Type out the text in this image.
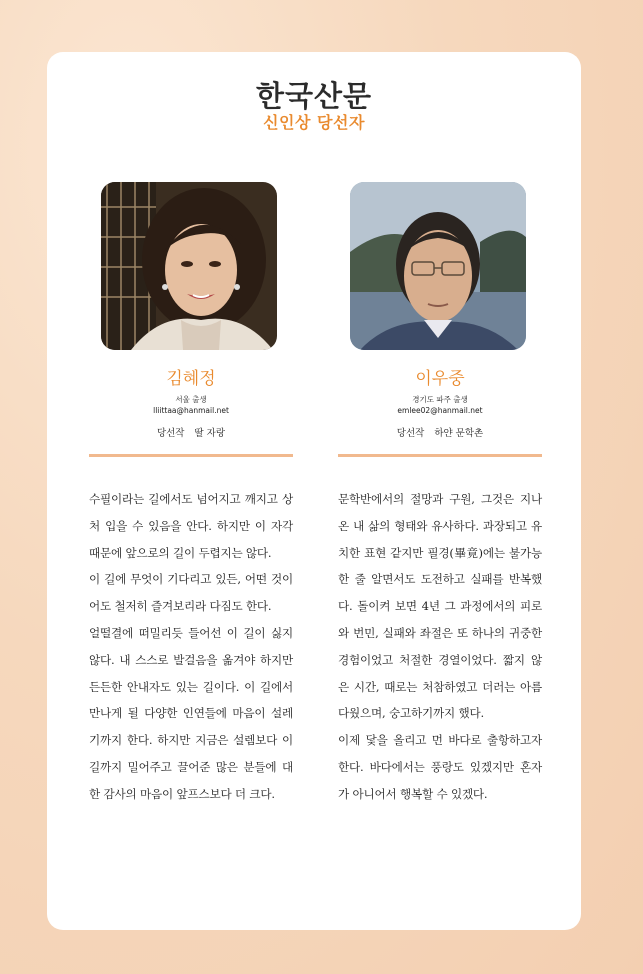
한국산문
신인상 당선자
김혜정
서울 출생
lliittaa@hanmail.net
당선작 딸 자랑

수필이라는 길에서도 넘어지고 깨지고 상처 입을 수 있음을 안다. 하지만 이 자각 때문에 앞으로의 길이 두렵지는 않다.

이 길에 무엇이 기다리고 있든, 어떤 것이어도 철저히 즐겨보리라 다짐도 한다.

얼떨결에 떠밀리듯 들어선 이 길이 싫지 않다. 내 스스로 발걸음을 옮겨야 하지만 든든한 안내자도 있는 길이다. 이 길에서 만나게 될 다양한 인연들에 마음이 설레기까지 한다. 하지만 지금은 설렘보다 이 길까지 밀어주고 끌어준 많은 분들에 대한 감사의 마음이 앞프스보다 더 크다.

이우중
경기도 파주 출생
emlee02@hanmail.net
당선작 하얀 문학촌

문학반에서의 절망과 구원, 그것은 지나온 내 삶의 형태와 유사하다. 과장되고 유치한 표현 같지만 필경(畢竟)에는 불가능한 줄 알면서도 도전하고 실패를 반복했다. 돌이켜 보면 4년 그 과정에서의 피로와 번민, 실패와 좌절은 또 하나의 귀중한 경험이었고 처절한 경열이었다. 짧지 않은 시간, 때로는 처참하였고 더러는 아름다웠으며, 숭고하기까지 했다.

이제 닻을 올리고 먼 바다로 출항하고자 한다. 바다에서는 풍랑도 있겠지만 혼자가 아니어서 행복할 수 있겠다.
